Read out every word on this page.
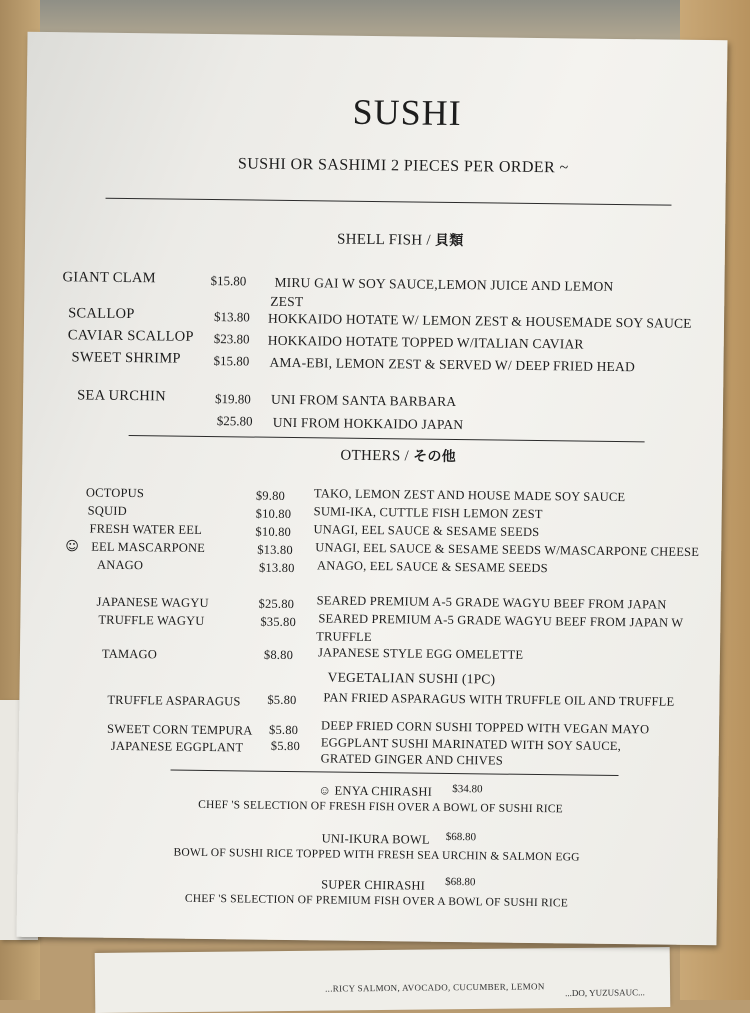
...RICY SALMON, AVOCADO, CUCUMBER, LEMON ...DO, YUZUSAUC...
SUSHI
SUSHI OR SASHIMI 2 PIECES PER ORDER ~
SHELL FISH / 貝類
GIANT CLAM	$15.80 MIRU GAI W SOY SAUCE,LEMON JUICE AND LEMON
ZEST
SCALLOP	$13.80 HOKKAIDO HOTATE W/ LEMON ZEST & HOUSEMADE SOY SAUCE
CAVIAR SCALLOP $23.80 HOKKAIDO HOTATE TOPPED W/ITALIAN CAVIAR
SWEET SHRIMP	$15.80 AMA-EBI, LEMON ZEST & SERVED W/ DEEP FRIED HEAD
SEA URCHIN	$19.80 UNI FROM SANTA BARBARA
$25.80 UNI FROM HOKKAIDO JAPAN
OTHERS / その他
OCTOPUS	$9.80 TAKO, LEMON ZEST AND HOUSE MADE SOY SAUCE
SQUID	$10.80 SUMI-IKA, CUTTLE FISH LEMON ZEST
FRESH WATER EEL	$10.80 UNAGI, EEL SAUCE & SESAME SEEDS
☺ EEL MASCARPONE	$13.80 UNAGI, EEL SAUCE & SESAME SEEDS W/MASCARPONE CHEESE
ANAGO	$13.80 ANAGO, EEL SAUCE & SESAME SEEDS
JAPANESE WAGYU	$25.80 SEARED PREMIUM A-5 GRADE WAGYU BEEF FROM JAPAN
TRUFFLE WAGYU	$35.80 SEARED PREMIUM A-5 GRADE WAGYU BEEF FROM JAPAN W
TRUFFLE
TAMAGO	$8.80 JAPANESE STYLE EGG OMELETTE
VEGETALIAN SUSHI (1PC)
TRUFFLE ASPARAGUS $5.80 PAN FRIED ASPARAGUS WITH TRUFFLE OIL AND TRUFFLE
SWEET CORN TEMPURA $5.80 DEEP FRIED CORN SUSHI TOPPED WITH VEGAN MAYO
JAPANESE EGGPLANT $5.80 EGGPLANT SUSHI MARINATED WITH SOY SAUCE,
GRATED GINGER AND CHIVES
☺ ENYA CHIRASHI $34.80
CHEF 'S SELECTION OF FRESH FISH OVER A BOWL OF SUSHI RICE
UNI-IKURA BOWL $68.80
BOWL OF SUSHI RICE TOPPED WITH FRESH SEA URCHIN & SALMON EGG
SUPER CHIRASHI $68.80
CHEF 'S SELECTION OF PREMIUM FISH OVER A BOWL OF SUSHI RICE
